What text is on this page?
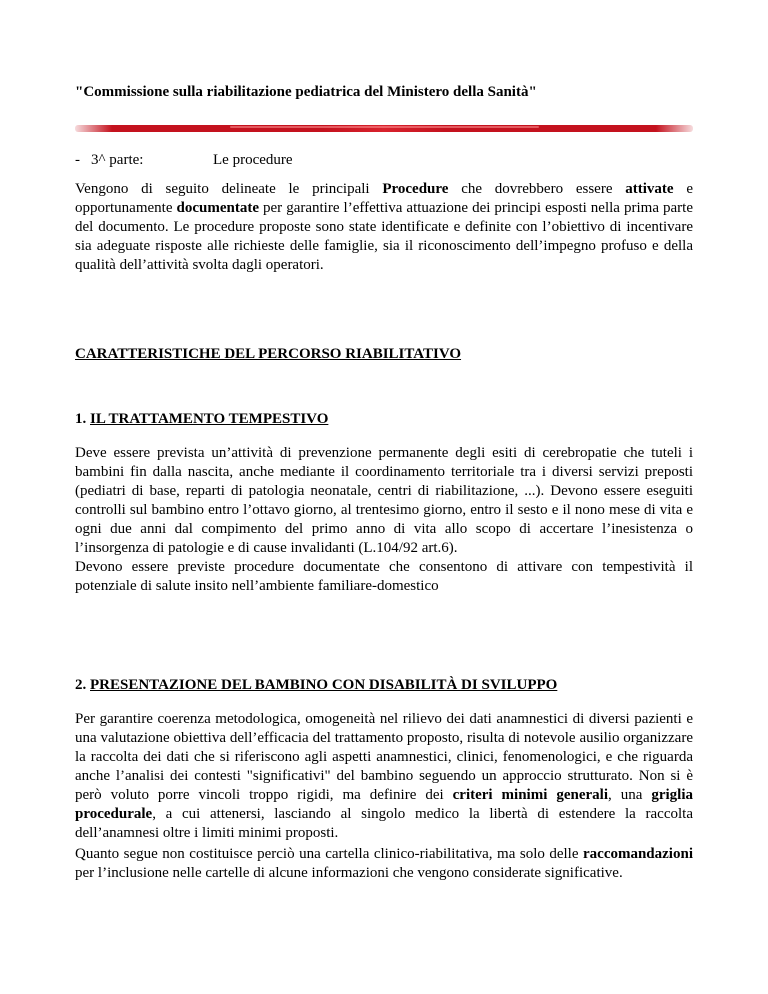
"Commissione sulla riabilitazione pediatrica del Ministero della Sanità"
- 3^ parte:	Le procedure

Vengono di seguito delineate le principali Procedure che dovrebbero essere attivate e opportunamente documentate per garantire l’effettiva attuazione dei principi esposti nella prima parte del documento. Le procedure proposte sono state identificate e definite con l’obiettivo di incentivare sia adeguate risposte alle richieste delle famiglie, sia il riconoscimento dell’impegno profuso e della qualità dell’attività svolta dagli operatori.

CARATTERISTICHE DEL PERCORSO RIABILITATIVO
1. IL TRATTAMENTO TEMPESTIVO

Deve essere prevista un’attività di prevenzione permanente degli esiti di cerebropatie che tuteli i bambini fin dalla nascita, anche mediante il coordinamento territoriale tra i diversi servizi preposti (pediatri di base, reparti di patologia neonatale, centri di riabilitazione, ...). Devono essere eseguiti controlli sul bambino entro l’ottavo giorno, al trentesimo giorno, entro il sesto e il nono mese di vita e ogni due anni dal compimento del primo anno di vita allo scopo di accertare l’inesistenza o l’insorgenza di patologie e di cause invalidanti (L.104/92 art.6).

Devono essere previste procedure documentate che consentono di attivare con tempestività il potenziale di salute insito nell’ambiente familiare-domestico

2. PRESENTAZIONE DEL BAMBINO CON DISABILITÀ DI SVILUPPO

Per garantire coerenza metodologica, omogeneità nel rilievo dei dati anamnestici di diversi pazienti e una valutazione obiettiva dell’efficacia del trattamento proposto, risulta di notevole ausilio organizzare la raccolta dei dati che si riferiscono agli aspetti anamnestici, clinici, fenomenologici, e che riguarda anche l’analisi dei contesti "significativi" del bambino seguendo un approccio strutturato. Non si è però voluto porre vincoli troppo rigidi, ma definire dei criteri minimi generali, una griglia procedurale, a cui attenersi, lasciando al singolo medico la libertà di estendere la raccolta dell’anamnesi oltre i limiti minimi proposti.

Quanto segue non costituisce perciò una cartella clinico-riabilitativa, ma solo delle raccomandazioni per l’inclusione nelle cartelle di alcune informazioni che vengono considerate significative.
